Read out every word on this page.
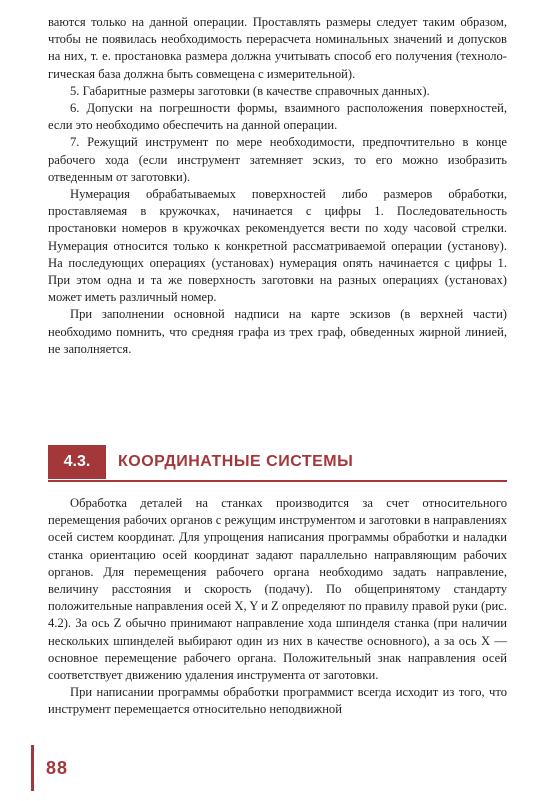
ваются только на данной операции. Проставлять размеры следует таким образом, чтобы не появилась необходимость перерасчета номинальных значений и допусков на них, т. е. простановка размера должна учитывать способ его получения (технологическая база должна быть совмещена с измерительной).

5. Габаритные размеры заготовки (в качестве справочных данных).

6. Допуски на погрешности формы, взаимного расположения поверхностей, если это необходимо обеспечить на данной операции.

7. Режущий инструмент по мере необходимости, предпочтительно в конце рабочего хода (если инструмент затемняет эскиз, то его можно изобразить отведенным от заготовки).

Нумерация обрабатываемых поверхностей либо размеров обработки, проставляемая в кружочках, начинается с цифры 1. Последовательность простановки номеров в кружочках рекомендуется вести по ходу часовой стрелки. Нумерация относится только к конкретной рассматриваемой операции (установу). На последующих операциях (установах) нумерация опять начинается с цифры 1. При этом одна и та же поверхность заготовки на разных операциях (установах) может иметь различный номер.

При заполнении основной надписи на карте эскизов (в верхней части) необходимо помнить, что средняя графа из трех граф, обведенных жирной линией, не заполняется.

4.3.	КООРДИНАТНЫЕ СИСТЕМЫ

Обработка деталей на станках производится за счет относительного перемещения рабочих органов с режущим инструментом и заготовки в направлениях осей систем координат. Для упрощения написания программы обработки и наладки станка ориентацию осей координат задают параллельно направляющим рабочих органов. Для перемещения рабочего органа необходимо задать направление, величину расстояния и скорость (подачу). По общепринятому стандарту положительные направления осей X, Y и Z определяют по правилу правой руки (рис. 4.2). За ось Z обычно принимают направление хода шпинделя станка (при наличии нескольких шпинделей выбирают один из них в качестве основного), а за ось X — основное перемещение рабочего органа. Положительный знак направления осей соответствует движению удаления инструмента от заготовки.

При написании программы обработки программист всегда исходит из того, что инструмент перемещается относительно неподвижной

88
